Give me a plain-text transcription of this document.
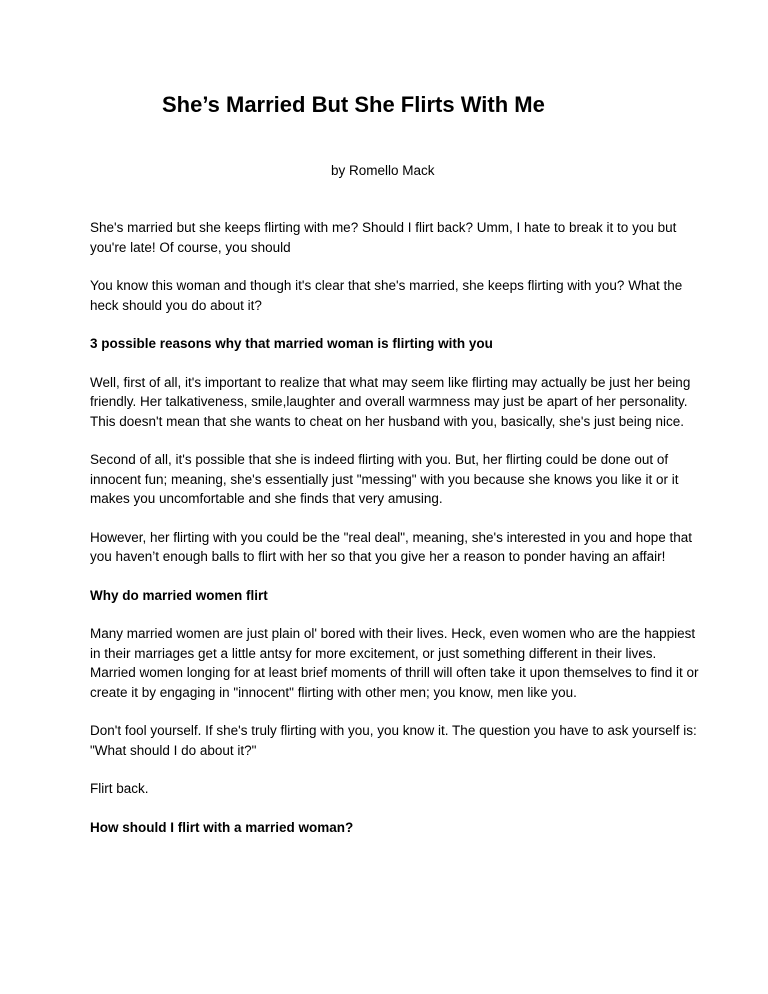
She’s Married But She Flirts With Me
by Romello Mack

She's married but she keeps flirting with me? Should I flirt back? Umm, I hate to break it to you but you're late! Of course, you should

You know this woman and though it's clear that she's married, she keeps flirting with you? What the heck should you do about it?

3 possible reasons why that married woman is flirting with you

Well, first of all, it's important to realize that what may seem like flirting may actually be just her being friendly. Her talkativeness, smile,laughter and overall warmness may just be apart of her personality. This doesn't mean that she wants to cheat on her husband with you, basically, she's just being nice.

Second of all, it's possible that she is indeed flirting with you. But, her flirting could be done out of innocent fun; meaning, she's essentially just "messing" with you because she knows you like it or it makes you uncomfortable and she finds that very amusing.

However, her flirting with you could be the "real deal", meaning, she's interested in you and hope that you haven’t enough balls to flirt with her so that you give her a reason to ponder having an affair!

Why do married women flirt

Many married women are just plain ol' bored with their lives. Heck, even women who are the happiest in their marriages get a little antsy for more excitement, or just something different in their lives. Married women longing for at least brief moments of thrill will often take it upon themselves to find it or create it by engaging in "innocent" flirting with other men; you know, men like you.

Don't fool yourself. If she's truly flirting with you, you know it. The question you have to ask yourself is:
"What should I do about it?"

Flirt back.

How should I flirt with a married woman?
